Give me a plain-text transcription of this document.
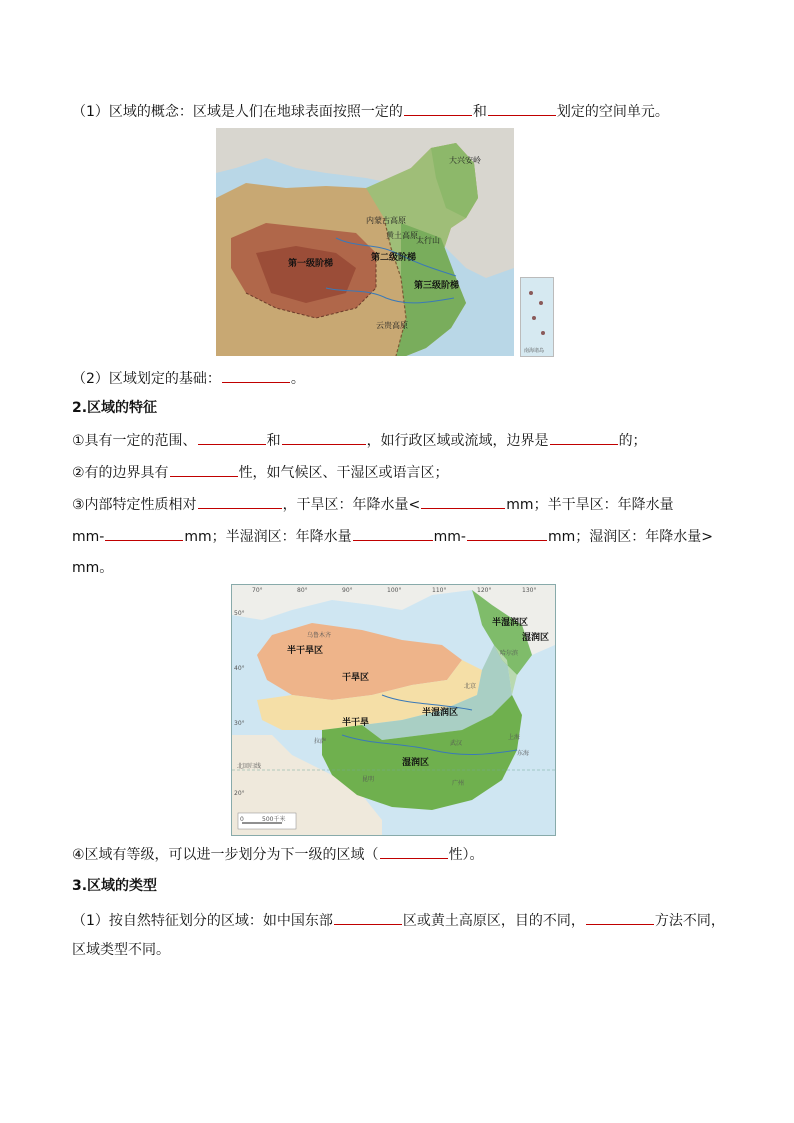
（1）区域的概念：区域是人们在地球表面按照一定的	和	划定的空间单元。
第一级阶梯
第二级阶梯
第三级阶梯
内蒙古高原
黄土高原
太行山
大兴安岭
云贵高原
南海诸岛
（2）区域划定的基础：	。
2.区域的特征
①具有一定的范围、	和	，如行政区域或流域，边界是	的；
②有的边界具有	性，如气候区、干湿区或语言区；
③内部特定性质相对	，干旱区：年降水量<	mm；半干旱区：年降水量
mm-	mm；半湿润区：年降水量	mm-	mm；湿润区：年降水量>
mm。
北回归线
半干旱区
干旱区
半干旱
半湿润区
湿润区
半湿润区
湿润区
乌鲁木齐
哈尔滨
北京
拉萨	武汉
上海
昆明
广州
70°	80°	90°	100°	110°	120°	130°
50°
40°
30°
20°
东海
0	500千米
④区域有等级，可以进一步划分为下一级的区域（	性）。
3.区域的类型
（1）按自然特征划分的区域：如中国东部	区或黄土高原区，目的不同，	方法不同，
区域类型不同。
